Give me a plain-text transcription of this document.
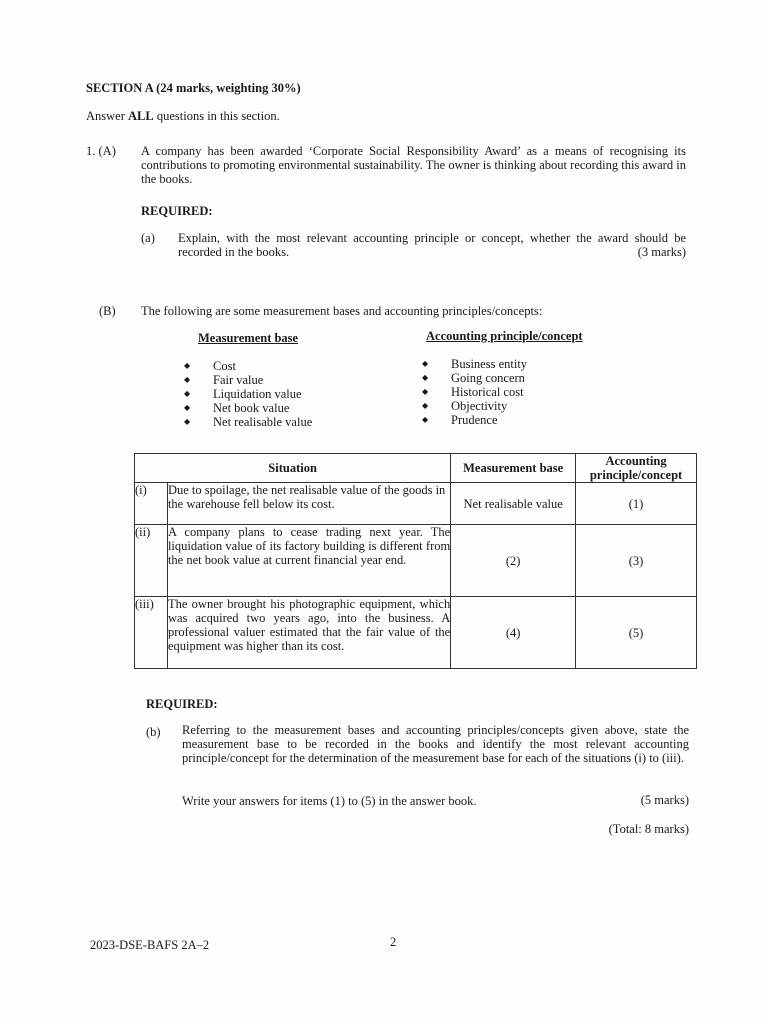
SECTION A (24 marks, weighting 30%)
Answer ALL questions in this section.
1. (A) A company has been awarded ‘Corporate Social Responsibility Award’ as a means of recognising its contributions to promoting environmental sustainability. The owner is thinking about recording this award in the books.
REQUIRED:
(a) Explain, with the most relevant accounting principle or concept, whether the award should be recorded in the books.	(3 marks)
(B) The following are some measurement bases and accounting principles/concepts:
Measurement base	Accounting principle/concept
◆ Cost
◆ Fair value
◆ Liquidation value
◆ Net book value
◆ Net realisable value
◆ Business entity
◆ Going concern
◆ Historical cost
◆ Objectivity
◆ Prudence
Situation		Measurement base	Accounting principle/concept
(i)	Due to spoilage, the net realisable value of the goods in the warehouse fell below its cost.	Net realisable value	(1)
(ii)	A company plans to cease trading next year. The liquidation value of its factory building is different from the net book value at current financial year end.	(2)	(3)
(iii)	The owner brought his photographic equipment, which was acquired two years ago, into the business. A professional valuer estimated that the fair value of the equipment was higher than its cost.	(4)	(5)
REQUIRED:
(b) Referring to the measurement bases and accounting principles/concepts given above, state the measurement base to be recorded in the books and identify the most relevant accounting principle/concept for the determination of the measurement base for each of the situations (i) to (iii).
Write your answers for items (1) to (5) in the answer book.	(5 marks)
(Total: 8 marks)
2023-DSE-BAFS 2A–2	2
